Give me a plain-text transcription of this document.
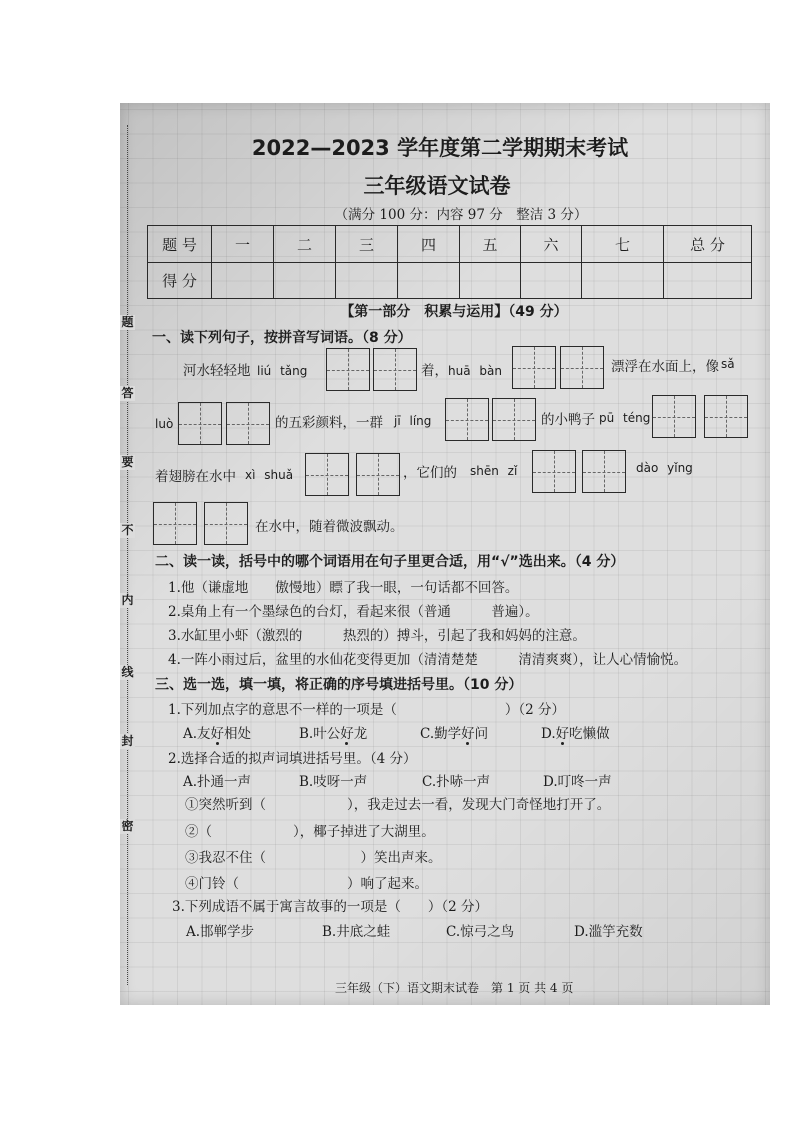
题
答
要
不
内
线
封
密
2022—2023 学年度第二学期期末考试
三年级语文试卷
（满分 100 分：内容 97 分　整洁 3 分）
题 号	一	二	三	四	五	六	七	总 分
得 分								
【第一部分　积累与运用】（49 分）
一、读下列句子，按拼音写词语。（8 分）
河水轻轻地 liú tǎng	着， huā bàn	漂浮在水面上，像 sǎ
luò	的五彩颜料，一群 jī líng	的小鸭子 pū téng
着翅膀在水中 xì shuǎ	，它们的 shēn zǐ	dào yǐng
在水中，随着微波飘动。
二、读一读，括号中的哪个词语用在句子里更合适，用“√”选出来。（4 分）
1.他（谦虚地　　傲慢地）瞟了我一眼，一句话都不回答。
2.桌角上有一个墨绿色的台灯，看起来很（普通　　　普遍）。
3.水缸里小虾（激烈的　　　热烈的）搏斗，引起了我和妈妈的注意。
4.一阵小雨过后，盆里的水仙花变得更加（清清楚楚　　　清清爽爽），让人心情愉悦。
三、选一选，填一填，将正确的序号填进括号里。（10 分）
1.下列加点字的意思不一样的一项是（　　　　　　　　）（2 分）
A.友好相处	B.叶公好龙	C.勤学好问	D.好吃懒做
2.选择合适的拟声词填进括号里。（4 分）
A.扑通一声	B.吱呀一声	C.扑哧一声	D.叮咚一声
①突然听到（　　　　　　），我走过去一看，发现大门奇怪地打开了。
②（　　　　　　），椰子掉进了大湖里。
③我忍不住（　　　　　　　）笑出声来。
④门铃（　　　　　　　　）响了起来。
3.下列成语不属于寓言故事的一项是（　　）（2 分）
A.邯郸学步	B.井底之蛙	C.惊弓之鸟	D.滥竽充数
三年级（下）语文期末试卷　第 1 页 共 4 页
